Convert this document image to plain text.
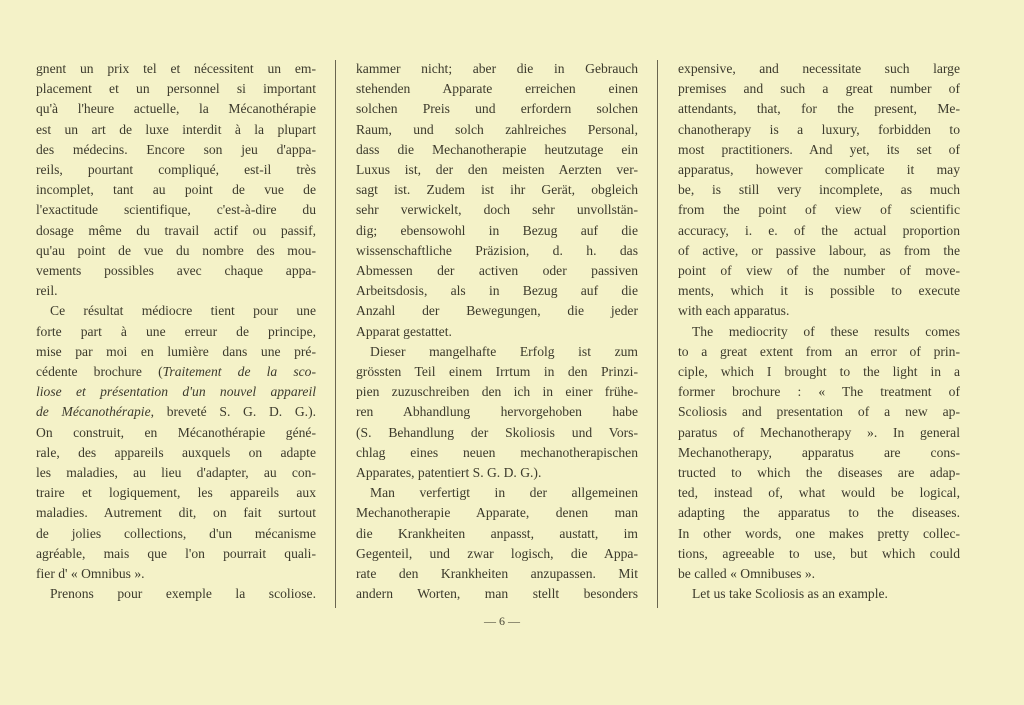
gnent un prix tel et nécessitent un em-
placement et un personnel si important
qu'à l'heure actuelle, la Mécanothérapie
est un art de luxe interdit à la plupart
des médecins. Encore son jeu d'appa-
reils, pourtant compliqué, est-il très
incomplet, tant au point de vue de
l'exactitude scientifique, c'est-à-dire du
dosage même du travail actif ou passif,
qu'au point de vue du nombre des mou-
vements possibles avec chaque appa-
reil.
Ce résultat médiocre tient pour une
forte part à une erreur de principe,
mise par moi en lumière dans une pré-
cédente brochure (Traitement de la sco-
liose et présentation d'un nouvel appareil
de Mécanothérapie, breveté S. G. D. G.).
On construit, en Mécanothérapie géné-
rale, des appareils auxquels on adapte
les maladies, au lieu d'adapter, au con-
traire et logiquement, les appareils aux
maladies. Autrement dit, on fait surtout
de jolies collections, d'un mécanisme
agréable, mais que l'on pourrait quali-
fier d' « Omnibus ».
Prenons pour exemple la scoliose.
kammer nicht; aber die in Gebrauch
stehenden Apparate erreichen einen
solchen Preis und erfordern solchen
Raum, und solch zahlreiches Personal,
dass die Mechanotherapie heutzutage ein
Luxus ist, der den meisten Aerzten ver-
sagt ist. Zudem ist ihr Gerät, obgleich
sehr verwickelt, doch sehr unvollstän-
dig; ebensowohl in Bezug auf die
wissenschaftliche Präzision, d. h. das
Abmessen der activen oder passiven
Arbeitsdosis, als in Bezug auf die
Anzahl der Bewegungen, die jeder
Apparat gestattet.
Dieser mangelhafte Erfolg ist zum
grössten Teil einem Irrtum in den Prinzi-
pien zuzuschreiben den ich in einer frühe-
ren Abhandlung hervorgehoben habe
(S. Behandlung der Skoliosis und Vors-
chlag eines neuen mechanotherapischen
Apparates, patentiert S. G. D. G.).
Man verfertigt in der allgemeinen
Mechanotherapie Apparate, denen man
die Krankheiten anpasst, austatt, im
Gegenteil, und zwar logisch, die Appa-
rate den Krankheiten anzupassen. Mit
andern Worten, man stellt besonders
expensive, and necessitate such large
premises and such a great number of
attendants, that, for the present, Me-
chanotherapy is a luxury, forbidden to
most practitioners. And yet, its set of
apparatus, however complicate it may
be, is still very incomplete, as much
from the point of view of scientific
accuracy, i. e. of the actual proportion
of active, or passive labour, as from the
point of view of the number of move-
ments, which it is possible to execute
with each apparatus.
The mediocrity of these results comes
to a great extent from an error of prin-
ciple, which I brought to the light in a
former brochure : « The treatment of
Scoliosis and presentation of a new ap-
paratus of Mechanotherapy ». In general
Mechanotherapy, apparatus are cons-
tructed to which the diseases are adap-
ted, instead of, what would be logical,
adapting the apparatus to the diseases.
In other words, one makes pretty collec-
tions, agreeable to use, but which could
be called « Omnibuses ».
Let us take Scoliosis as an example.
— 6 —
